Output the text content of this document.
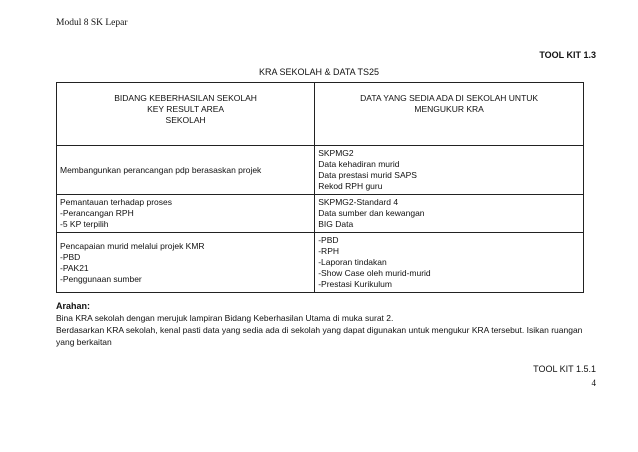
Modul 8 SK Lepar
TOOL KIT 1.3
KRA SEKOLAH & DATA TS25
BIDANG KEBERHASILAN SEKOLAH
KEY RESULT AREA
SEKOLAH	DATA YANG SEDIA ADA DI SEKOLAH UNTUK
MENGUKUR KRA

Membangunkan perancangan pdp berasaskan projek	SKPMG2
Data kehadiran murid
Data prestasi murid SAPS
Rekod RPH guru

Pemantauan terhadap proses
-Perancangan RPH
-5 KP terpilih	SKPMG2-Standard 4
Data sumber dan kewangan
BIG Data

Pencapaian murid melalui projek KMR
-PBD
-PAK21
-Penggunaan sumber	-PBD
-RPH
-Laporan tindakan
-Show Case oleh murid-murid
-Prestasi Kurikulum
Arahan:
Bina KRA sekolah dengan merujuk lampiran Bidang Keberhasilan Utama di muka surat 2.
Berdasarkan KRA sekolah, kenal pasti data yang sedia ada di sekolah yang dapat digunakan untuk mengukur KRA tersebut. Isikan ruangan yang berkaitan
TOOL KIT 1.5.1
4
